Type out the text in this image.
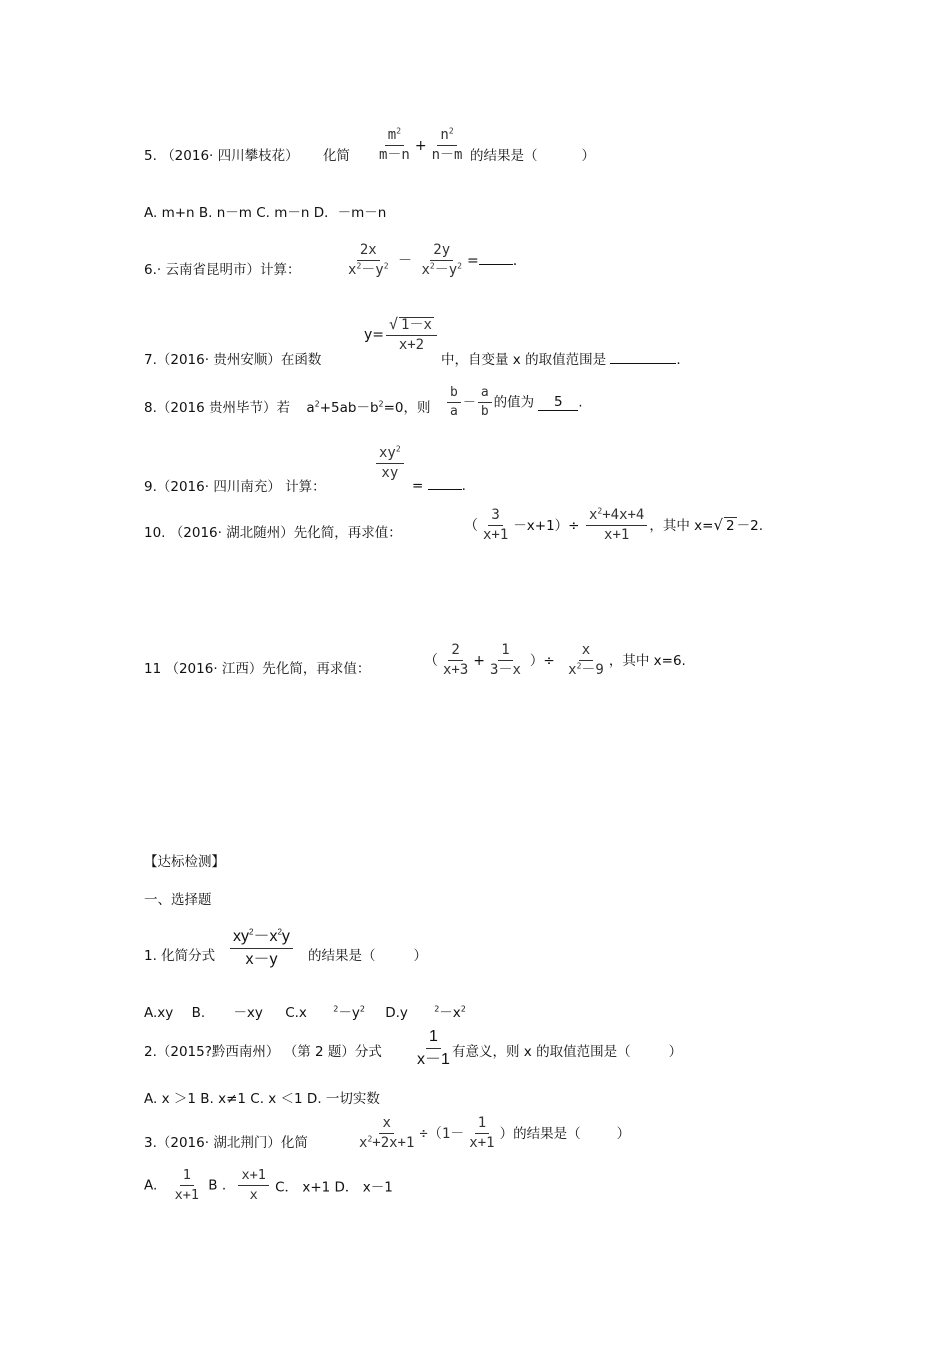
5. （2016· 四川攀枝花） 化简 $\frac{m^2}{m-n} + \frac{n^2}{n-m}$ 的结果是（	）
A. m+n B. n－m C. m－n D．－m－n
6.· 云南省昆明市）计算：	$\frac{2x}{x^2-y^2} - \frac{2y}{x^2-y^2}$ = .
7.（2016· 贵州安顺）在函数
$y= \frac{√ 1-x}{x+2}$
中，自变量 x 的取值范围是	.
8.（2016 贵州毕节）若 $a^2+5ab-b^2=0$，则 $\frac{b}{a} - \frac{a}{b}$ 的值为 5 .
9.（2016· 四川南充） 计算：
$\frac{xy^2}{xy}$
=	.
10. （2016· 湖北随州）先化简，再求值：	（ $\frac{3}{x+1} -x+1)\div \frac{x^2+4x+4}{x+1}$ ，其中 x=√ 2 －2.
11 （2016· 江西）先化简，再求值：
（ $\frac{2}{x+3} + \frac{1}{3-x}$ ）÷ $\frac{x}{x^2-9}$ ，其中 x=6.
【达标检测】
一、选择题
1. 化简分式 $\frac{xy^2-x^2y}{x-y}$ 的结果是（	）
A.xy B. －xy C.x	$^2-y^2$ D.y	$^2-x^2$
2.（2015?黔西南州） （第 2 题）分式 $\frac{1}{x-1}$ 有意义，则 x 的取值范围是（	）
A. x ＞1 B. x≠1 C. x ＜1 D. 一切实数
3.（2016· 湖北荆门）化简	$\frac{x}{x^2+2x+1} \div(1- \frac{1}{x+1}$ ）的结果是（	）
A. $\frac{1}{x+1}$ B . $\frac{x+1}{x}$ C． x+1 D． x－1
